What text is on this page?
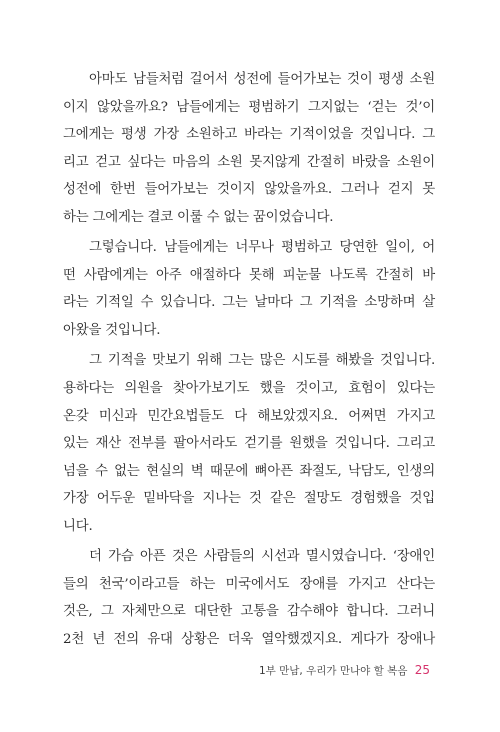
아마도 남들처럼 걸어서 성전에 들어가보는 것이 평생 소원
이지 않았을까요? 남들에게는 평범하기 그지없는 ‘걷는 것’이
그에게는 평생 가장 소원하고 바라는 기적이었을 것입니다. 그
리고 걷고 싶다는 마음의 소원 못지않게 간절히 바랐을 소원이
성전에 한번 들어가보는 것이지 않았을까요. 그러나 걷지 못
하는 그에게는 결코 이룰 수 없는 꿈이었습니다.
그렇습니다. 남들에게는 너무나 평범하고 당연한 일이, 어
떤 사람에게는 아주 애절하다 못해 피눈물 나도록 간절히 바
라는 기적일 수 있습니다. 그는 날마다 그 기적을 소망하며 살
아왔을 것입니다.
그 기적을 맛보기 위해 그는 많은 시도를 해봤을 것입니다.
용하다는 의원을 찾아가보기도 했을 것이고, 효험이 있다는
온갖 미신과 민간요법들도 다 해보았겠지요. 어쩌면 가지고
있는 재산 전부를 팔아서라도 걷기를 원했을 것입니다. 그리고
넘을 수 없는 현실의 벽 때문에 뼈아픈 좌절도, 낙담도, 인생의
가장 어두운 밑바닥을 지나는 것 같은 절망도 경험했을 것입
니다.
더 가슴 아픈 것은 사람들의 시선과 멸시였습니다. ‘장애인
들의 천국’이라고들 하는 미국에서도 장애를 가지고 산다는
것은, 그 자체만으로 대단한 고통을 감수해야 합니다. 그러니
2천 년 전의 유대 상황은 더욱 열악했겠지요. 게다가 장애나
1부 만남, 우리가 만나야 할 복음 25
